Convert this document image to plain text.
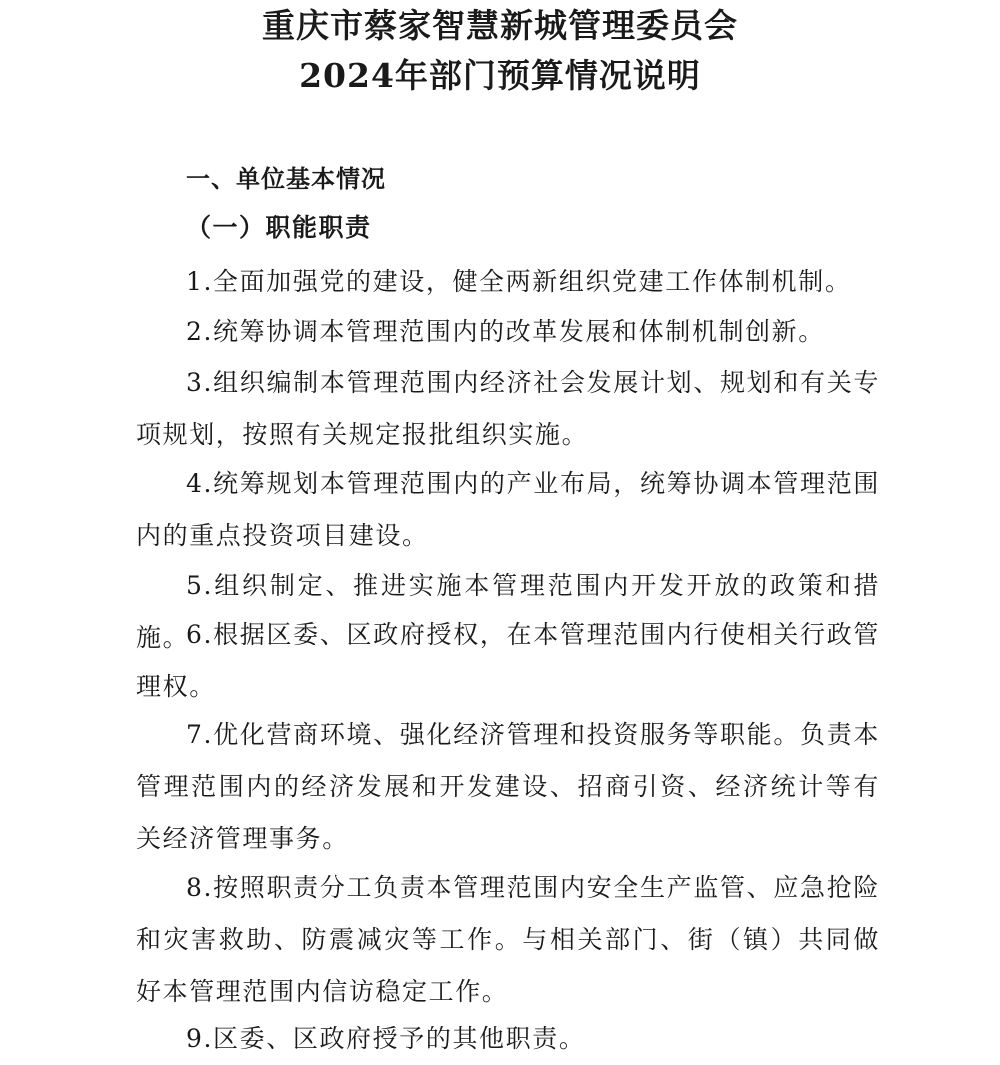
重庆市蔡家智慧新城管理委员会
2024年部门预算情况说明
一、单位基本情况
（一）职能职责

1.全面加强党的建设，健全两新组织党建工作体制机制。

2.统筹协调本管理范围内的改革发展和体制机制创新。

3.组织编制本管理范围内经济社会发展计划、规划和有关专项规划，按照有关规定报批组织实施。

4.统筹规划本管理范围内的产业布局，统筹协调本管理范围内的重点投资项目建设。

5.组织制定、推进实施本管理范围内开发开放的政策和措施。

6.根据区委、区政府授权，在本管理范围内行使相关行政管理权。

7.优化营商环境、强化经济管理和投资服务等职能。负责本管理范围内的经济发展和开发建设、招商引资、经济统计等有关经济管理事务。

8.按照职责分工负责本管理范围内安全生产监管、应急抢险和灾害救助、防震减灾等工作。与相关部门、街（镇）共同做好本管理范围内信访稳定工作。

9.区委、区政府授予的其他职责。
